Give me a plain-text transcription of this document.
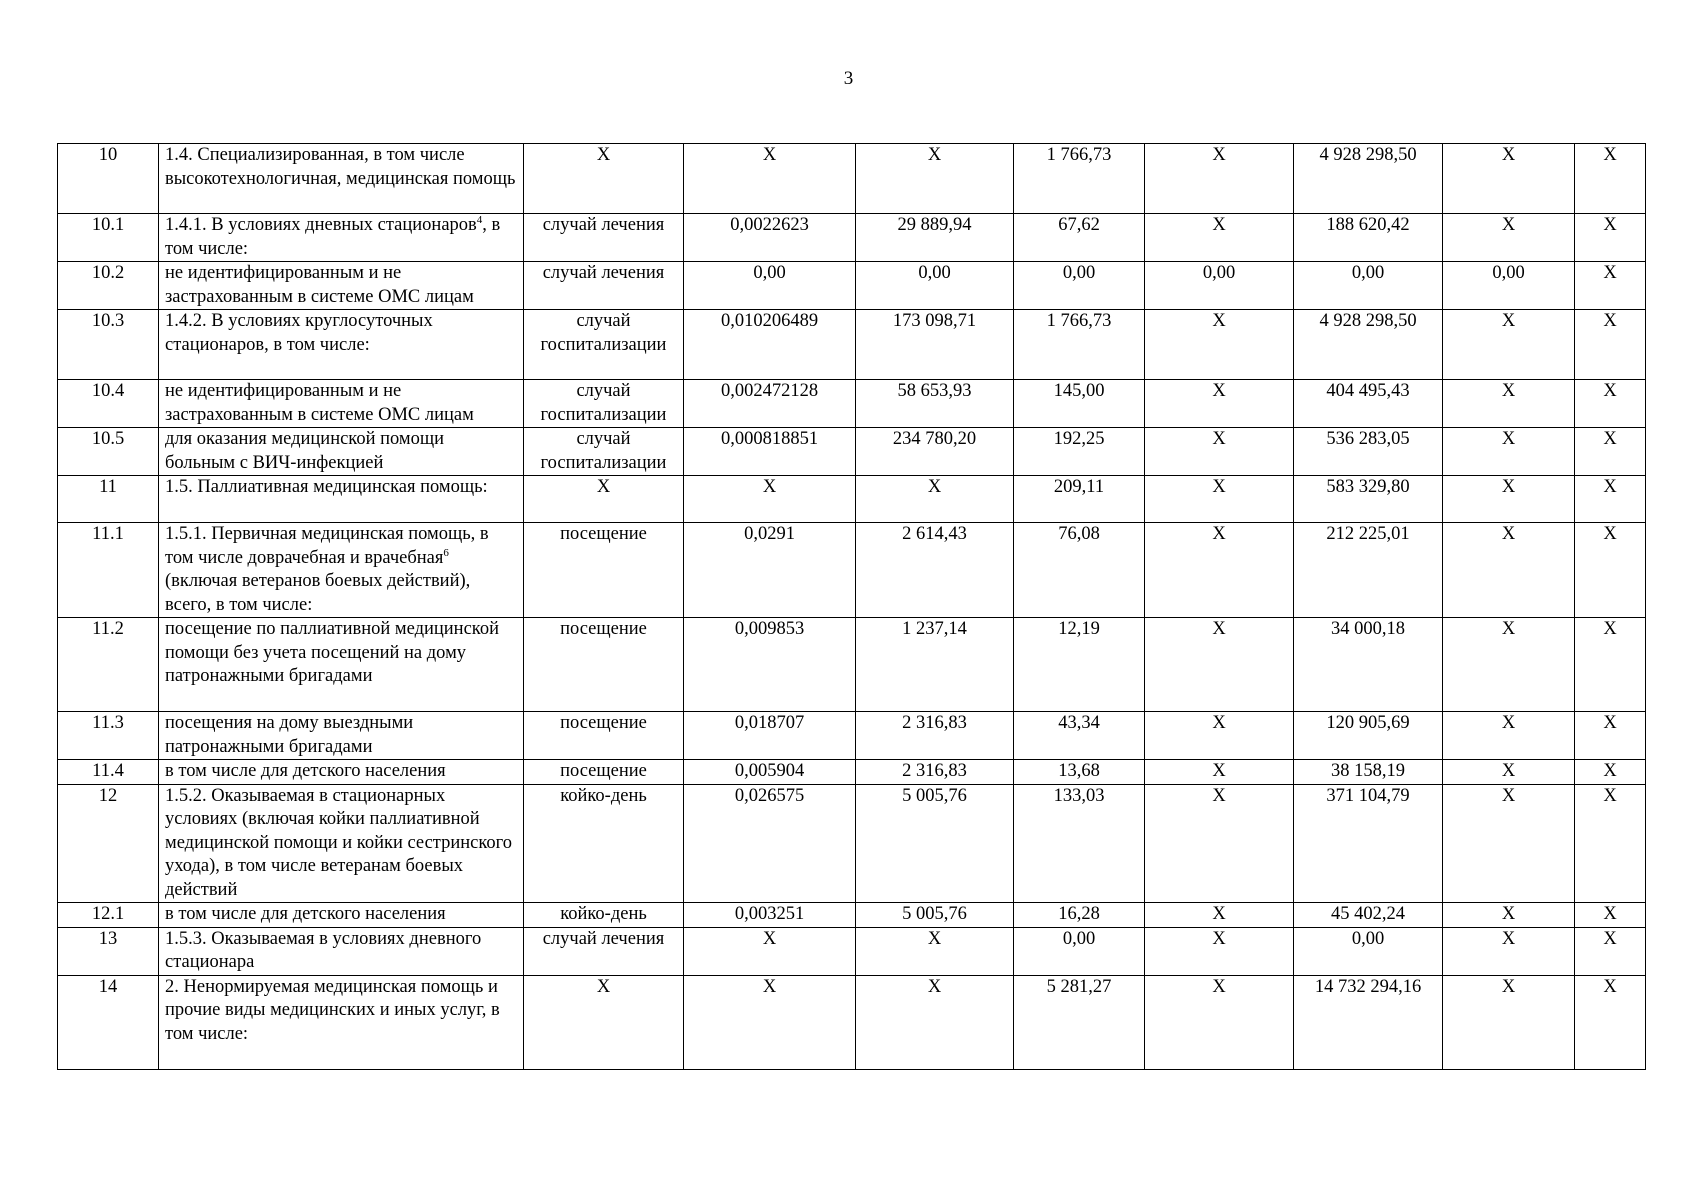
3
10	1.4. Специализированная, в том числе высокотехнологичная, медицинская помощь	X	X	X	1 766,73	X	4 928 298,50	X	X
10.1	1.4.1. В условиях дневных стационаров$^4$, в том числе:	случай лечения	0,0022623	29 889,94	67,62	X	188 620,42	X	X
10.2	не идентифицированным и не застрахованным в системе ОМС лицам	случай лечения	0,00	0,00	0,00	0,00	0,00	0,00	X
10.3	1.4.2. В условиях круглосуточных стационаров, в том числе:	случай госпитализации	0,010206489	173 098,71	1 766,73	X	4 928 298,50	X	X
10.4	не идентифицированным и не застрахованным в системе ОМС лицам	случай госпитализации	0,002472128	58 653,93	145,00	X	404 495,43	X	X
10.5	для оказания медицинской помощи больным с ВИЧ-инфекцией	случай госпитализации	0,000818851	234 780,20	192,25	X	536 283,05	X	X
11	1.5. Паллиативная медицинская помощь:	X	X	X	209,11	X	583 329,80	X	X
11.1	1.5.1. Первичная медицинская помощь, в том числе доврачебная и врачебная$^6$ (включая ветеранов боевых действий), всего, в том числе:	посещение	0,0291	2 614,43	76,08	X	212 225,01	X	X
11.2	посещение по паллиативной медицинской помощи без учета посещений на дому патронажными бригадами	посещение	0,009853	1 237,14	12,19	X	34 000,18	X	X
11.3	посещения на дому выездными патронажными бригадами	посещение	0,018707	2 316,83	43,34	X	120 905,69	X	X
11.4	в том числе для детского населения	посещение	0,005904	2 316,83	13,68	X	38 158,19	X	X
12	1.5.2. Оказываемая в стационарных условиях (включая койки паллиативной медицинской помощи и койки сестринского ухода), в том числе ветеранам боевых действий	койко-день	0,026575	5 005,76	133,03	X	371 104,79	X	X
12.1	в том числе для детского населения	койко-день	0,003251	5 005,76	16,28	X	45 402,24	X	X
13	1.5.3. Оказываемая в условиях дневного стационара	случай лечения	X	X	0,00	X	0,00	X	X
14	2. Ненормируемая медицинская помощь и прочие виды медицинских и иных услуг, в том числе:	X	X	X	5 281,27	X	14 732 294,16	X	X
